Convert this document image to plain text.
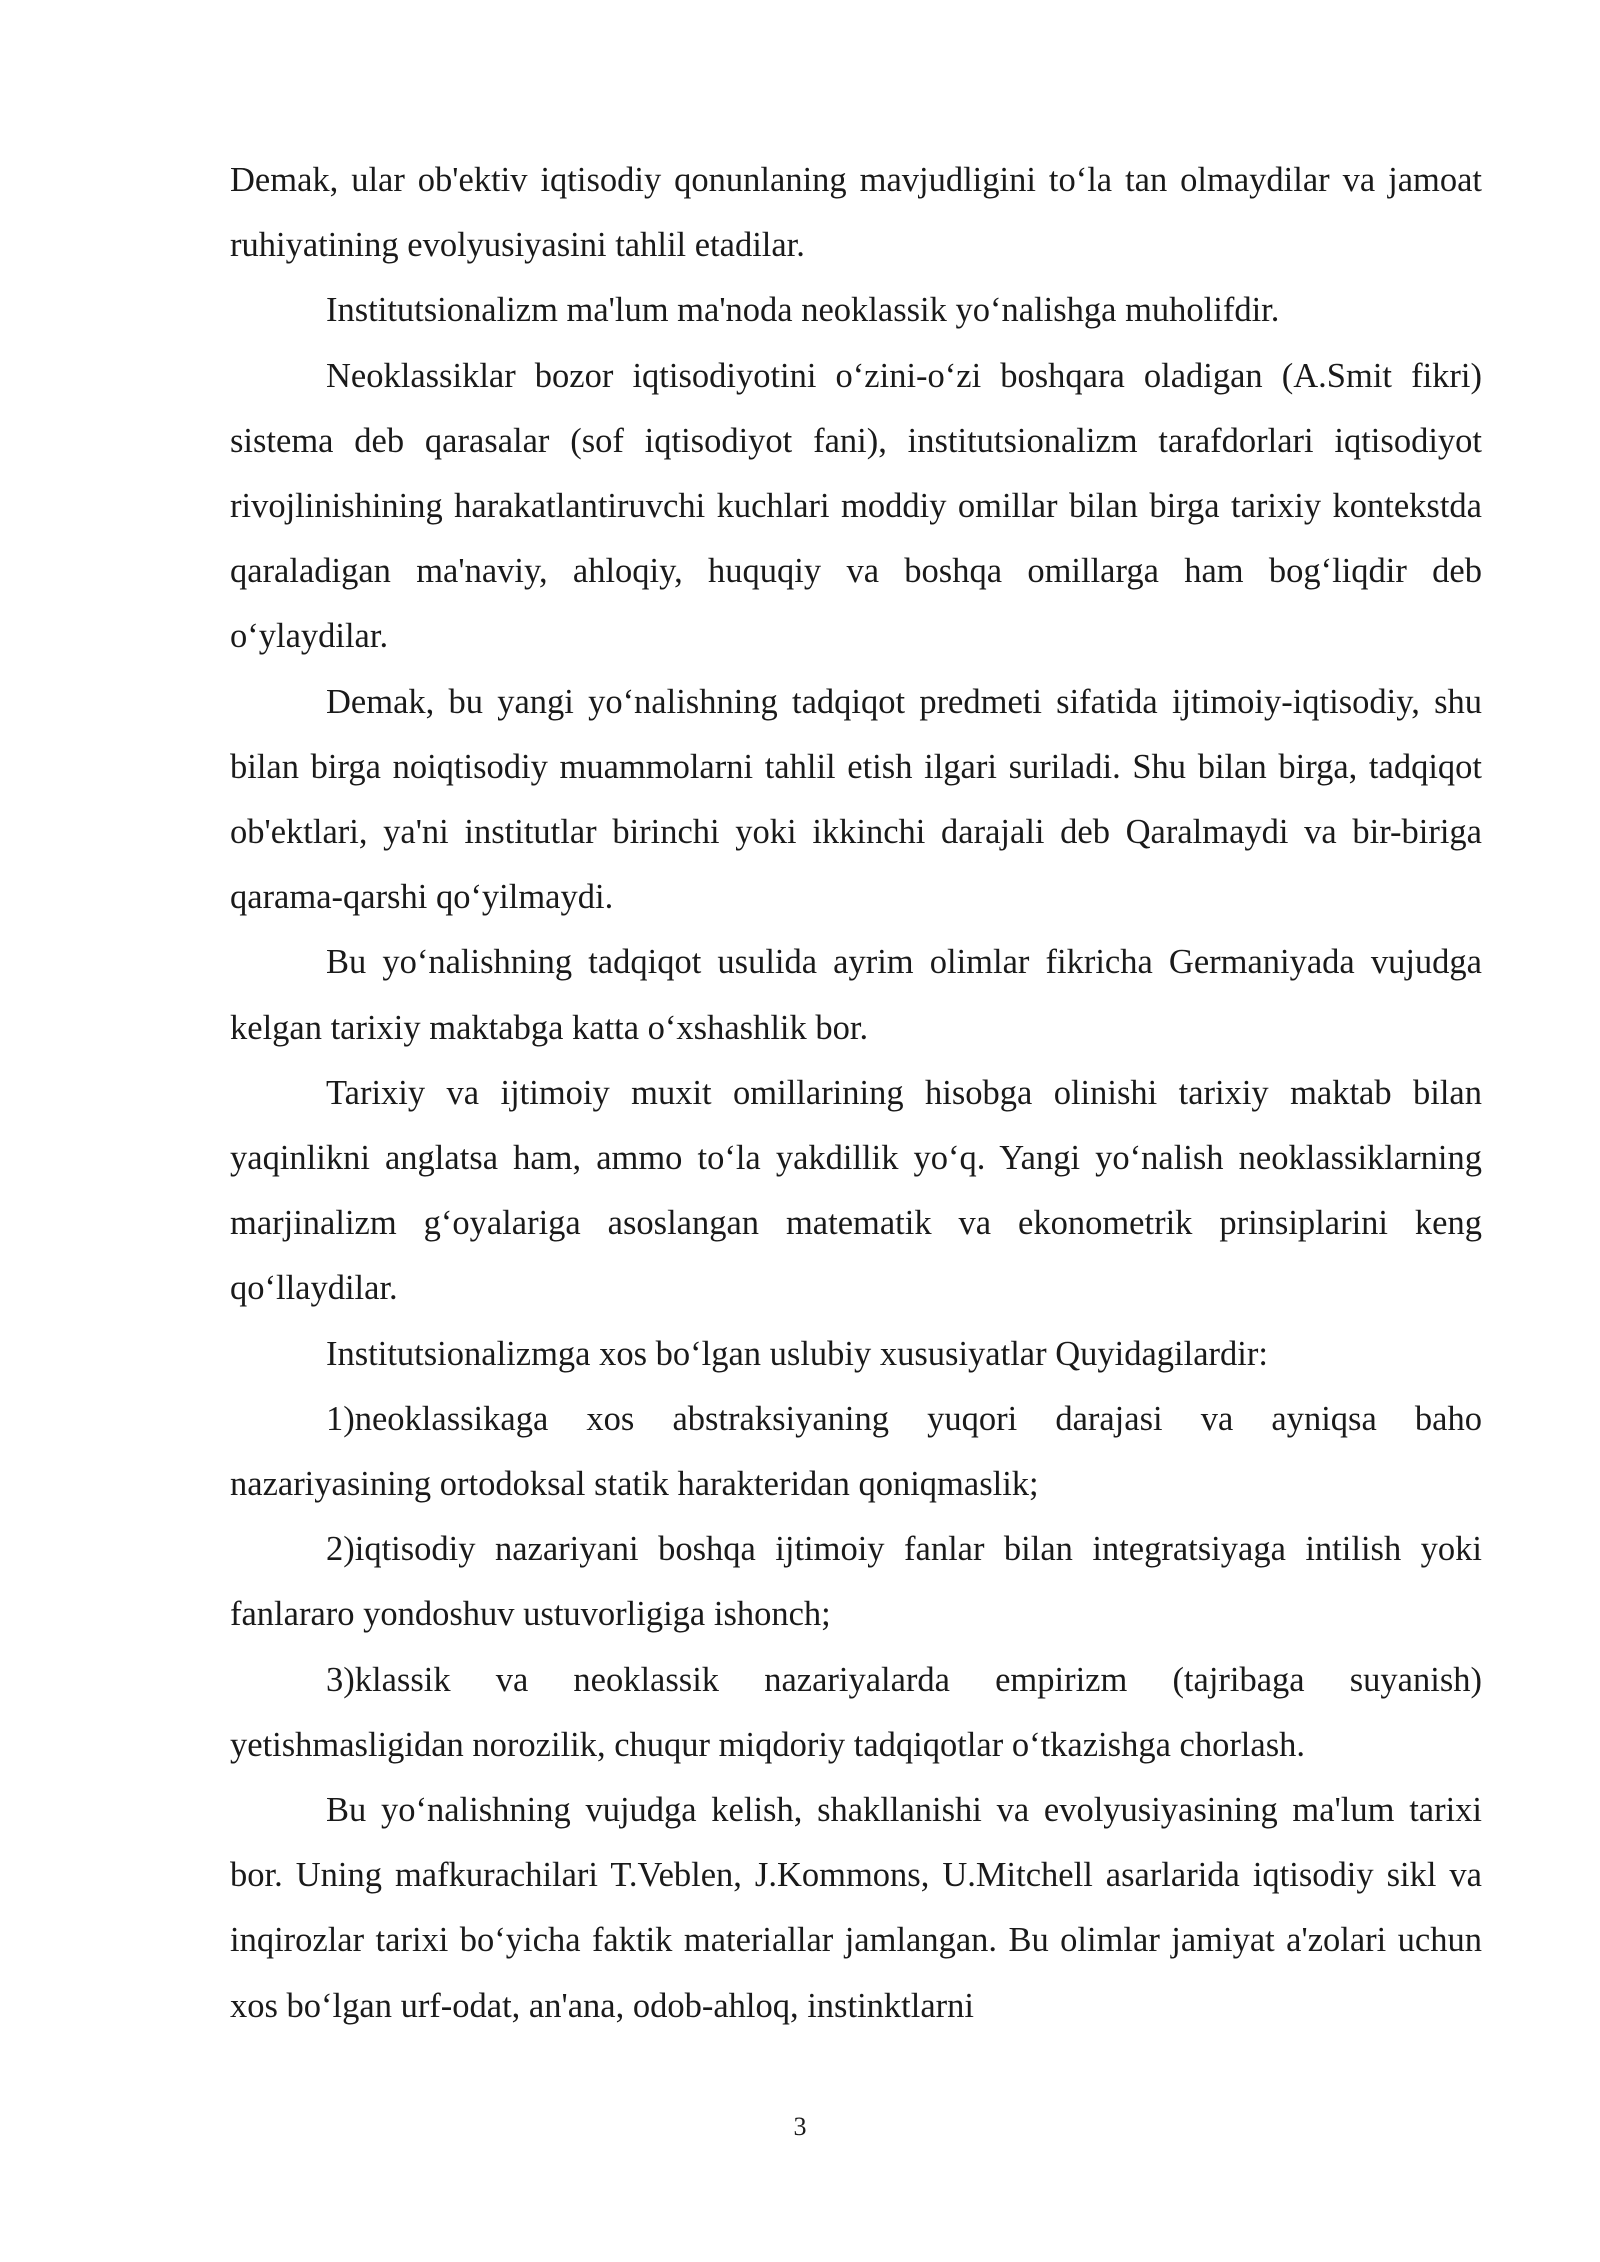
Demak, ular ob'ektiv iqtisodiy qonunlaning mavjudligini to‘la tan olmaydilar va jamoat ruhiyatining evolyusiyasini tahlil etadilar.

Institutsionalizm ma'lum ma'noda neoklassik yo‘nalishga muholifdir.

Neoklassiklar bozor iqtisodiyotini o‘zini-o‘zi boshqara oladigan (A.Smit fikri) sistema deb qarasalar (sof iqtisodiyot fani), institutsionalizm tarafdorlari iqtisodiyot rivojlinishining harakatlantiruvchi kuchlari moddiy omillar bilan birga tarixiy kontekstda qaraladigan ma'naviy, ahloqiy, huquqiy va boshqa omillarga ham bog‘liqdir deb o‘ylaydilar.

Demak, bu yangi yo‘nalishning tadqiqot predmeti sifatida ijtimoiy-iqtisodiy, shu bilan birga noiqtisodiy muammolarni tahlil etish ilgari suriladi. Shu bilan birga, tadqiqot ob'ektlari, ya'ni institutlar birinchi yoki ikkinchi darajali deb Qaralmaydi va bir-biriga qarama-qarshi qo‘yilmaydi.

Bu yo‘nalishning tadqiqot usulida ayrim olimlar fikricha Germaniyada vujudga kelgan tarixiy maktabga katta o‘xshashlik bor.

Tarixiy va ijtimoiy muxit omillarining hisobga olinishi tarixiy maktab bilan yaqinlikni anglatsa ham, ammo to‘la yakdillik yo‘q. Yangi yo‘nalish neoklassiklarning marjinalizm g‘oyalariga asoslangan matematik va ekonometrik prinsiplarini keng qo‘llaydilar.

Institutsionalizmga xos bo‘lgan uslubiy xususiyatlar Quyidagilardir:

1)neoklassikaga xos abstraksiyaning yuqori darajasi va ayniqsa baho nazariyasining ortodoksal statik harakteridan qoniqmaslik;

2)iqtisodiy nazariyani boshqa ijtimoiy fanlar bilan integratsiyaga intilish yoki fanlararo yondoshuv ustuvorligiga ishonch;

3)klassik va neoklassik nazariyalarda empirizm (tajribaga suyanish) yetishmasligidan norozilik, chuqur miqdoriy tadqiqotlar o‘tkazishga chorlash.

Bu yo‘nalishning vujudga kelish, shakllanishi va evolyusiyasining ma'lum tarixi bor. Uning mafkurachilari T.Veblen, J.Kommons, U.Mitchell asarlarida iqtisodiy sikl va inqirozlar tarixi bo‘yicha faktik materiallar jamlangan. Bu olimlar jamiyat a'zolari uchun xos bo‘lgan urf-odat, an'ana, odob-ahloq, instinktlarni

3
